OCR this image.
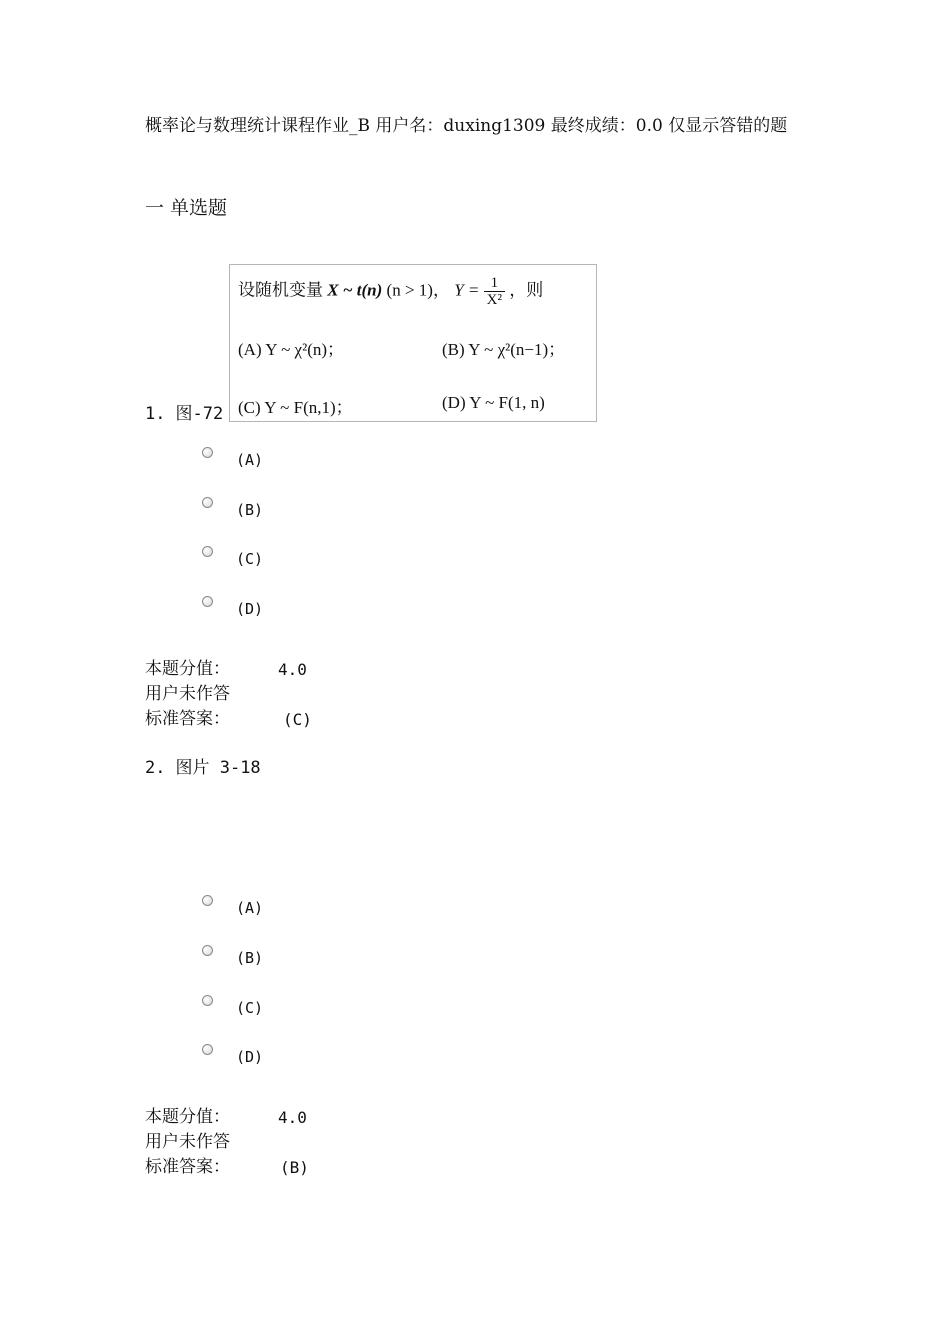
概率论与数理统计课程作业_B 用户名：duxing1309 最终成绩：0.0 仅显示答错的题
一 单选题
设随机变量 X ~ t(n) (n > 1)， $Y = \frac{1}{\text{X²}}$ ，则
(A) Y ~ χ²(n)；	(B) Y ~ χ²(n−1)；
(C) Y ~ F(n,1)；	(D) Y ~ F(1, n)
1. 图-72
(A)
(B)
(C)
(D)
本题分值：	4.0
用户未作答
标准答案：	(C)
2. 图片 3-18
(A)
(B)
(C)
(D)
本题分值：	4.0
用户未作答
标准答案：	(B)
